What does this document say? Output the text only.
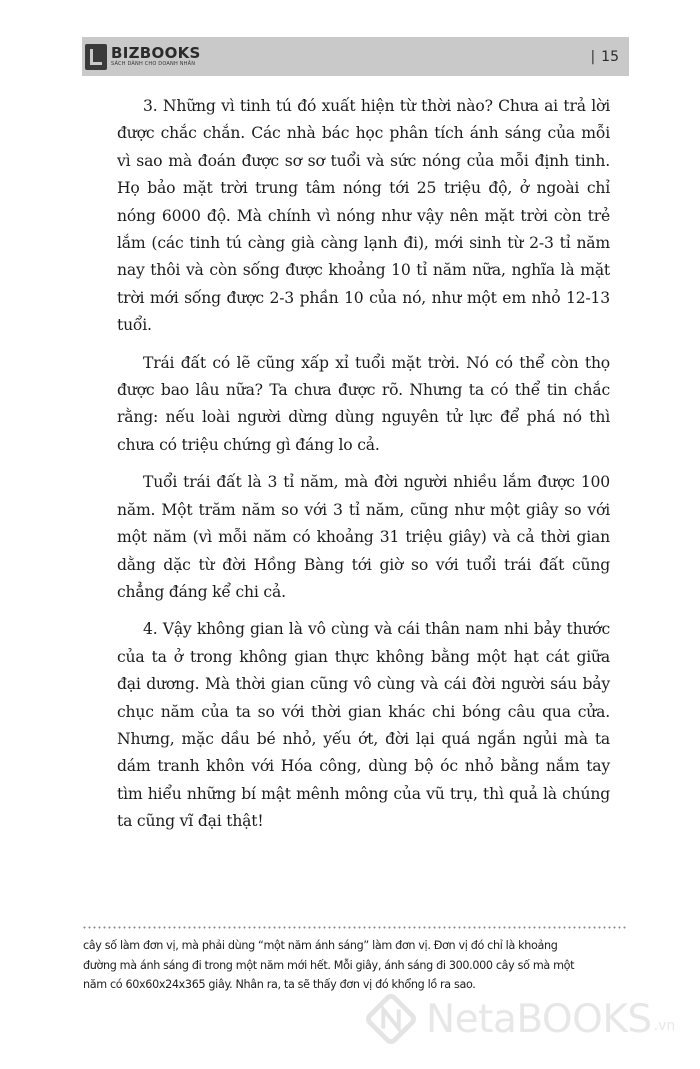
BIZBOOKS
SÁCH DÀNH CHO DOANH NHÂN	| 15

3. Những vì tinh tú đó xuất hiện từ thời nào? Chưa ai trả lời được chắc chắn. Các nhà bác học phân tích ánh sáng của mỗi vì sao mà đoán được sơ sơ tuổi và sức nóng của mỗi định tinh. Họ bảo mặt trời trung tâm nóng tới 25 triệu độ, ở ngoài chỉ nóng 6000 độ. Mà chính vì nóng như vậy nên mặt trời còn trẻ lắm (các tinh tú càng già càng lạnh đi), mới sinh từ 2-3 tỉ năm nay thôi và còn sống được khoảng 10 tỉ năm nữa, nghĩa là mặt trời mới sống được 2-3 phần 10 của nó, như một em nhỏ 12-13 tuổi.

Trái đất có lẽ cũng xấp xỉ tuổi mặt trời. Nó có thể còn thọ được bao lâu nữa? Ta chưa được rõ. Nhưng ta có thể tin chắc rằng: nếu loài người dừng dùng nguyên tử lực để phá nó thì chưa có triệu chứng gì đáng lo cả.

Tuổi trái đất là 3 tỉ năm, mà đời người nhiều lắm được 100 năm. Một trăm năm so với 3 tỉ năm, cũng như một giây so với một năm (vì mỗi năm có khoảng 31 triệu giây) và cả thời gian dằng dặc từ đời Hồng Bàng tới giờ so với tuổi trái đất cũng chẳng đáng kể chi cả.

4. Vậy không gian là vô cùng và cái thân nam nhi bảy thước của ta ở trong không gian thực không bằng một hạt cát giữa đại dương. Mà thời gian cũng vô cùng và cái đời người sáu bảy chục năm của ta so với thời gian khác chi bóng câu qua cửa. Nhưng, mặc dầu bé nhỏ, yếu ớt, đời lại quá ngắn ngủi mà ta dám tranh khôn với Hóa công, dùng bộ óc nhỏ bằng nắm tay tìm hiểu những bí mật mênh mông của vũ trụ, thì quả là chúng ta cũng vĩ đại thật!

cây số làm đơn vị, mà phải dùng “một năm ánh sáng” làm đơn vị. Đơn vị đó chỉ là khoảng

đường mà ánh sáng đi trong một năm mới hết. Mỗi giây, ánh sáng đi 300.000 cây số mà một

năm có 60x60x24x365 giây. Nhân ra, ta sẽ thấy đơn vị đó khổng lồ ra sao.

NetaBOOKS .vn
